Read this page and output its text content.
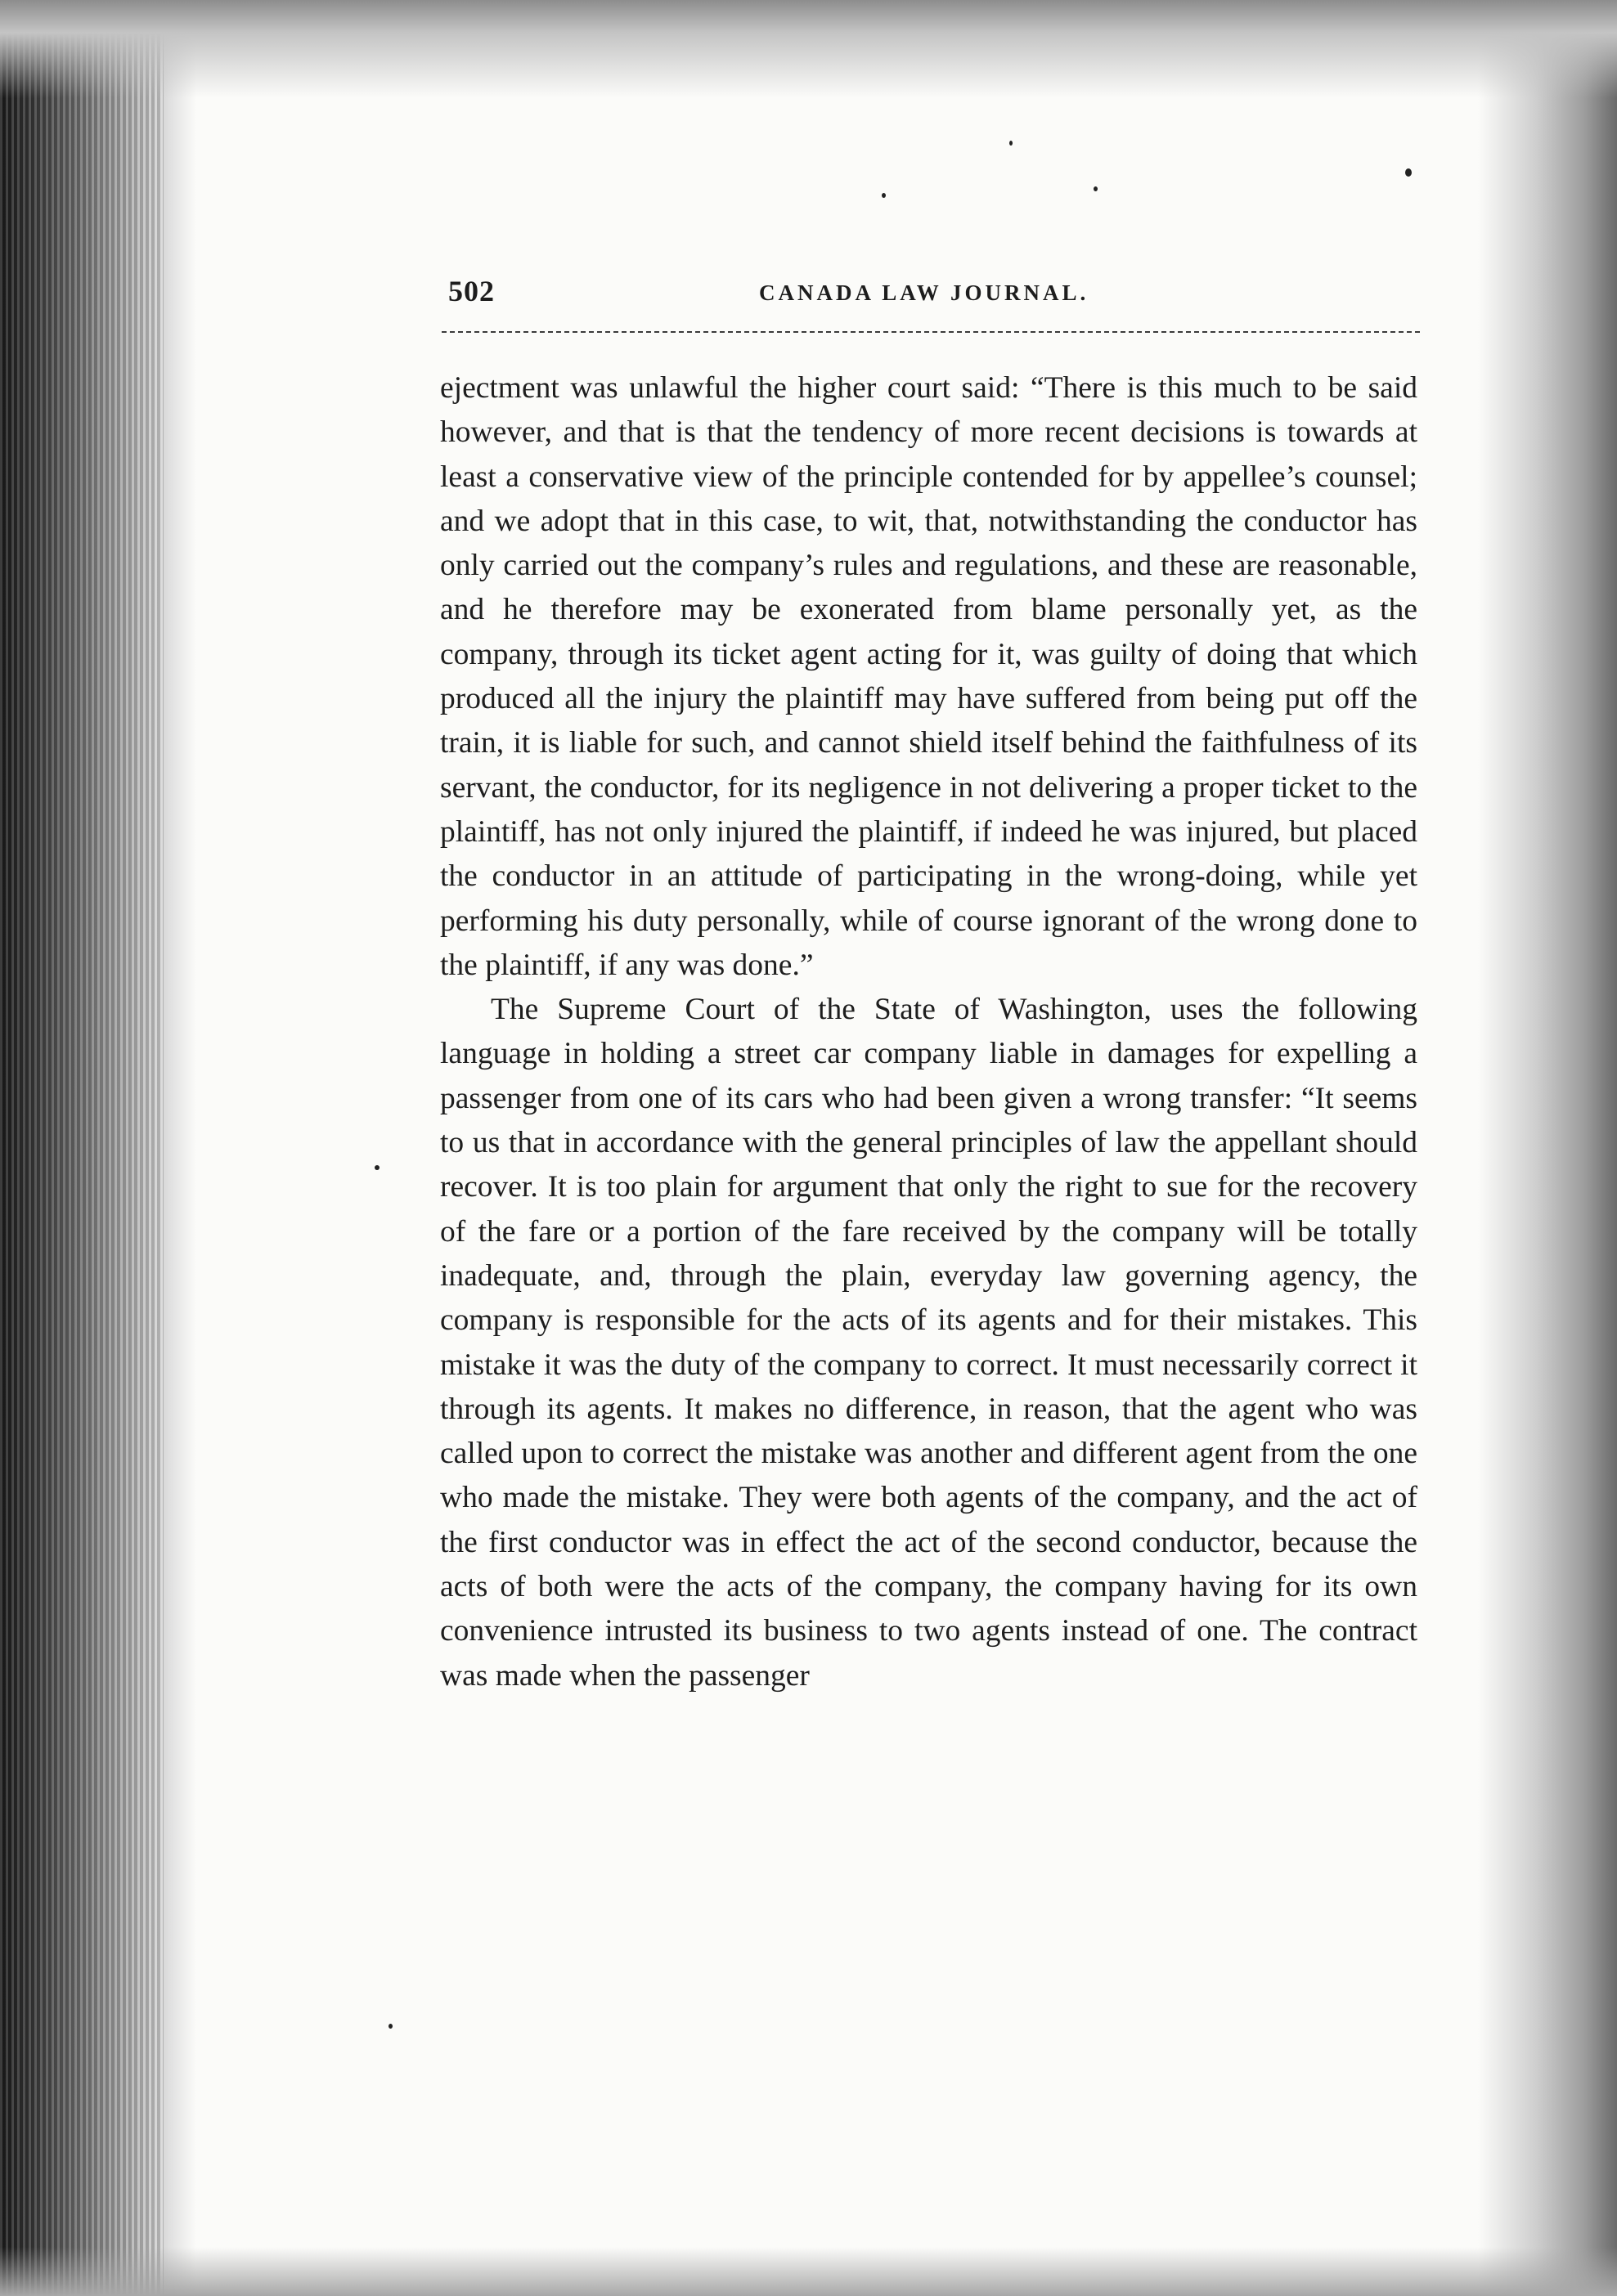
502	CANADA LAW JOURNAL.

ejectment was unlawful the higher court said: “There is this much to be said however, and that is that the tendency of more recent decisions is towards at least a conservative view of the principle contended for by appellee’s counsel; and we adopt that in this case, to wit, that, notwithstanding the conductor has only carried out the company’s rules and regulations, and these are reasonable, and he therefore may be exonerated from blame personally yet, as the company, through its ticket agent acting for it, was guilty of doing that which produced all the injury the plaintiff may have suffered from being put off the train, it is liable for such, and cannot shield itself behind the faithfulness of its servant, the conductor, for its negligence in not delivering a proper ticket to the plaintiff, has not only injured the plaintiff, if indeed he was injured, but placed the conductor in an attitude of participating in the wrong-doing, while yet performing his duty personally, while of course ignorant of the wrong done to the plaintiff, if any was done.”

The Supreme Court of the State of Washington, uses the following language in holding a street car company liable in damages for expelling a passenger from one of its cars who had been given a wrong transfer: “It seems to us that in accordance with the general principles of law the appellant should recover. It is too plain for argument that only the right to sue for the recovery of the fare or a portion of the fare received by the company will be totally inadequate, and, through the plain, everyday law governing agency, the company is responsible for the acts of its agents and for their mistakes. This mistake it was the duty of the company to correct. It must necessarily correct it through its agents. It makes no difference, in reason, that the agent who was called upon to correct the mistake was another and different agent from the one who made the mistake. They were both agents of the company, and the act of the first conductor was in effect the act of the second conductor, because the acts of both were the acts of the company, the company having for its own convenience intrusted its business to two agents instead of one. The contract was made when the passenger
